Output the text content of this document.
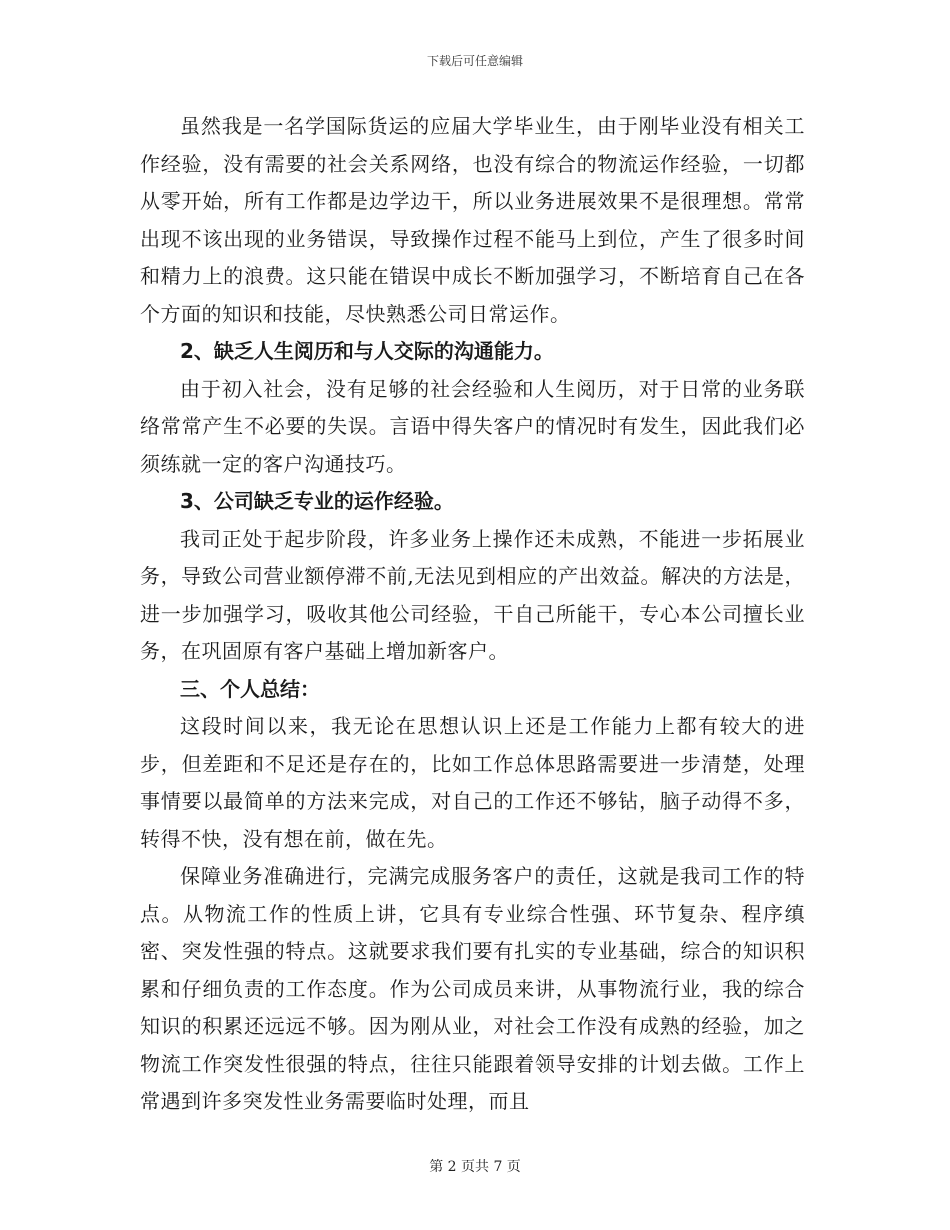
下载后可任意编辑

虽然我是一名学国际货运的应届大学毕业生，由于刚毕业没有相关工作经验，没有需要的社会关系网络，也没有综合的物流运作经验，一切都从零开始，所有工作都是边学边干，所以业务进展效果不是很理想。常常出现不该出现的业务错误，导致操作过程不能马上到位，产生了很多时间和精力上的浪费。这只能在错误中成长不断加强学习，不断培育自己在各个方面的知识和技能，尽快熟悉公司日常运作。

2、缺乏人生阅历和与人交际的沟通能力。

由于初入社会，没有足够的社会经验和人生阅历，对于日常的业务联络常常产生不必要的失误。言语中得失客户的情况时有发生，因此我们必须练就一定的客户沟通技巧。

3、公司缺乏专业的运作经验。

我司正处于起步阶段，许多业务上操作还未成熟，不能进一步拓展业务，导致公司营业额停滞不前,无法见到相应的产出效益。解决的方法是，进一步加强学习，吸收其他公司经验，干自己所能干，专心本公司擅长业务，在巩固原有客户基础上增加新客户。

三、个人总结：

这段时间以来，我无论在思想认识上还是工作能力上都有较大的进步，但差距和不足还是存在的，比如工作总体思路需要进一步清楚，处理事情要以最简单的方法来完成，对自己的工作还不够钻，脑子动得不多，转得不快，没有想在前，做在先。

保障业务准确进行，完满完成服务客户的责任，这就是我司工作的特点。从物流工作的性质上讲，它具有专业综合性强、环节复杂、程序缜密、突发性强的特点。这就要求我们要有扎实的专业基础，综合的知识积累和仔细负责的工作态度。作为公司成员来讲，从事物流行业，我的综合知识的积累还远远不够。因为刚从业，对社会工作没有成熟的经验，加之物流工作突发性很强的特点，往往只能跟着领导安排的计划去做。工作上常遇到许多突发性业务需要临时处理，而且

第 2 页共 7 页
